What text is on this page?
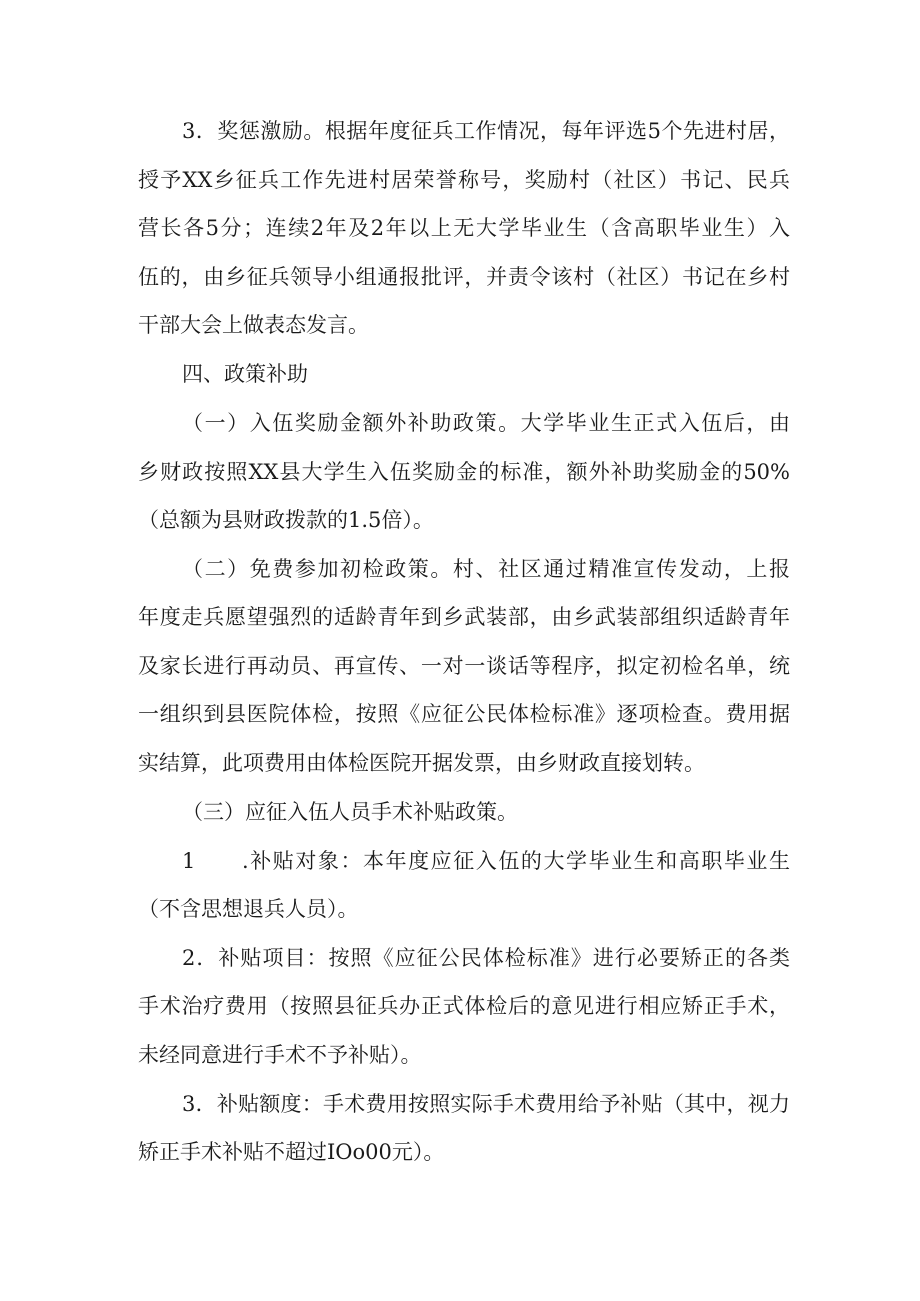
3．奖惩激励。根据年度征兵工作情况，每年评选5个先进村居，
授予XX乡征兵工作先进村居荣誉称号，奖励村（社区）书记、民兵
营长各5分；连续2年及2年以上无大学毕业生（含高职毕业生）入
伍的，由乡征兵领导小组通报批评，并责令该村（社区）书记在乡村
干部大会上做表态发言。
四、政策补助
（一）入伍奖励金额外补助政策。大学毕业生正式入伍后，由
乡财政按照XX县大学生入伍奖励金的标准，额外补助奖励金的50%
（总额为县财政拨款的1.5倍）。
（二）免费参加初检政策。村、社区通过精准宣传发动，上报
年度走兵愿望强烈的适龄青年到乡武装部，由乡武装部组织适龄青年
及家长进行再动员、再宣传、一对一谈话等程序，拟定初检名单，统
一组织到县医院体检，按照《应征公民体检标准》逐项检查。费用据
实结算，此项费用由体检医院开据发票，由乡财政直接划转。
（三）应征入伍人员手术补贴政策。
1　　.补贴对象：本年度应征入伍的大学毕业生和高职毕业生
（不含思想退兵人员）。
2．补贴项目：按照《应征公民体检标准》进行必要矫正的各类
手术治疗费用（按照县征兵办正式体检后的意见进行相应矫正手术，
未经同意进行手术不予补贴）。
3．补贴额度：手术费用按照实际手术费用给予补贴（其中，视力
矫正手术补贴不超过IOo00元）。
